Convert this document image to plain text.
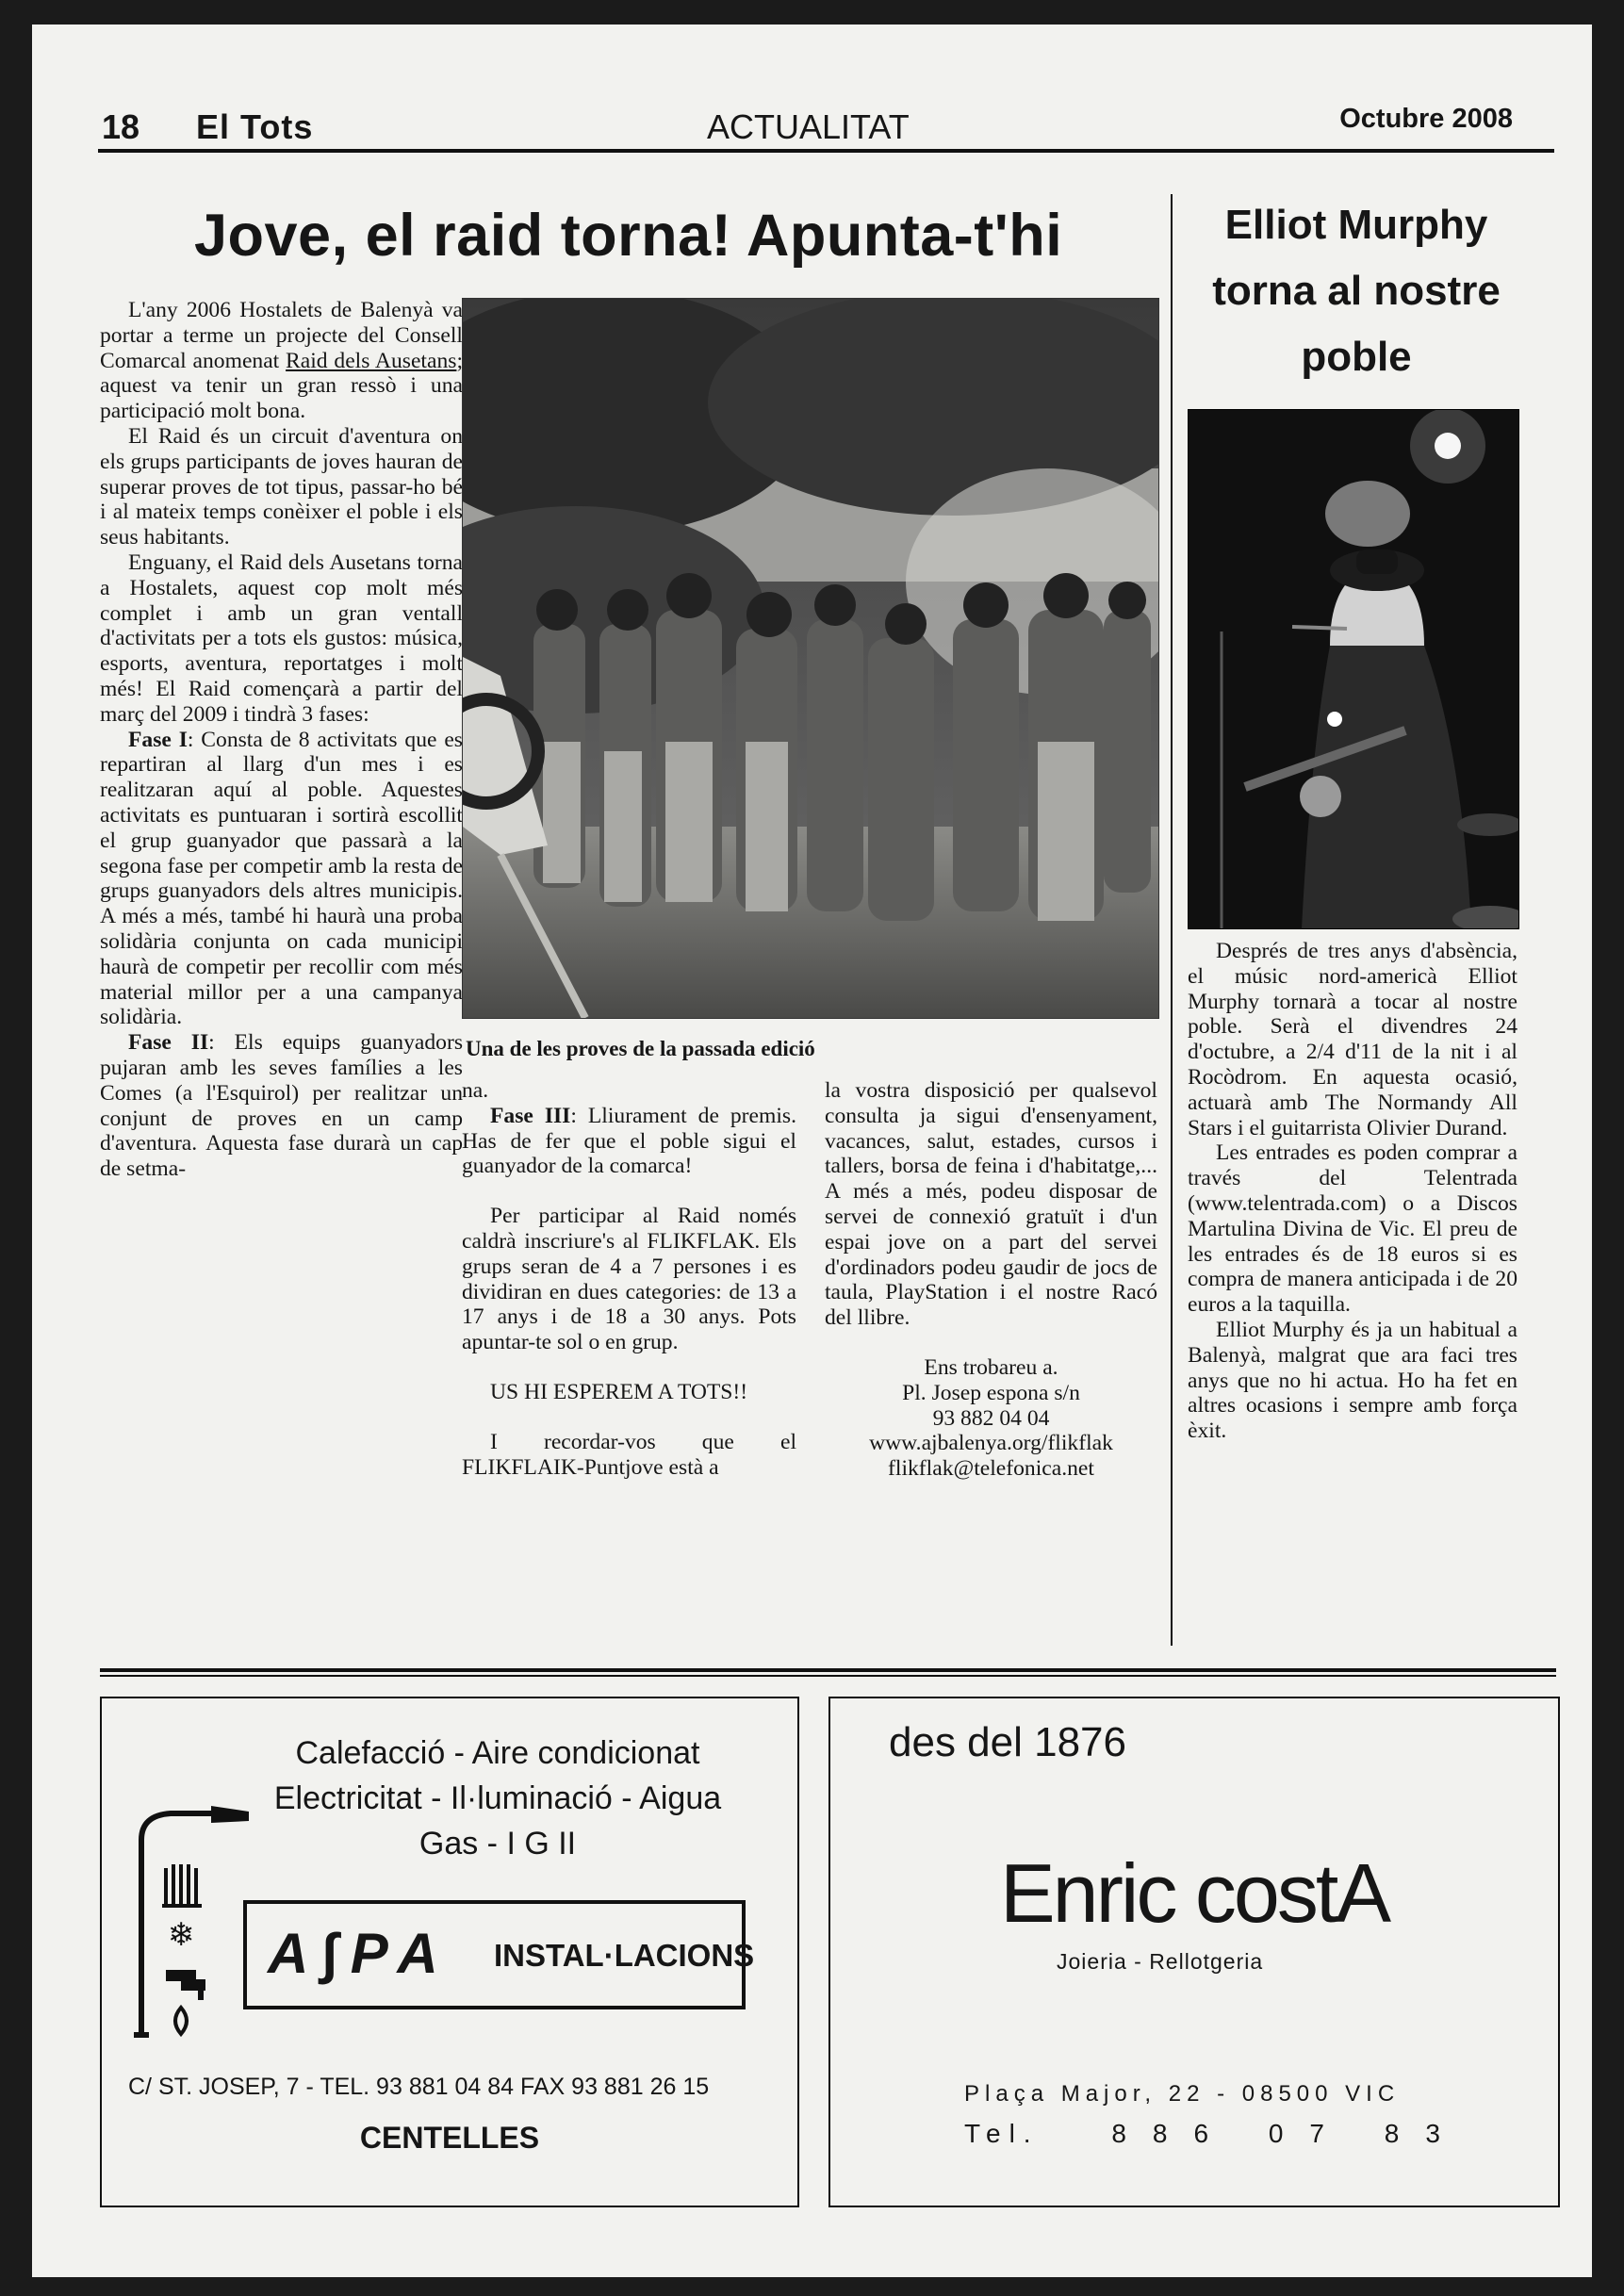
18 El Tots	ACTUALITAT	Octubre 2008
Jove, el raid torna! Apunta-t'hi

L'any 2006 Hostalets de Balenyà va portar a terme un projecte del Consell Comarcal anomenat Raid dels Ausetans; aquest va tenir un gran ressò i una participació molt bona.

El Raid és un circuit d'aventura on els grups participants de joves hauran de superar proves de tot tipus, passar-ho bé i al mateix temps conèixer el poble i els seus habitants.

Enguany, el Raid dels Ausetans torna a Hostalets, aquest cop molt més complet i amb un gran ventall d'activitats per a tots els gustos: música, esports, aventura, reportatges i molt més! El Raid començarà a partir del març del 2009 i tindrà 3 fases:

Fase I: Consta de 8 activitats que es repartiran al llarg d'un mes i es realitzaran aquí al poble. Aquestes activitats es puntuaran i sortirà escollit el grup guanyador que passarà a la segona fase per competir amb la resta de grups guanyadors dels altres municipis. A més a més, també hi haurà una proba solidària conjunta on cada municipi haurà de competir per recollir com més material millor per a una campanya solidària.

Fase II: Els equips guanyadors pujaran amb les seves famílies a les Comes (a l'Esquirol) per realitzar un conjunt de proves en un camp d'aventura. Aquesta fase durarà un cap de setma-

Una de les proves de la passada edició

na.

Fase III: Lliurament de premis. Has de fer que el poble sigui el guanyador de la comarca!

Per participar al Raid només caldrà inscriure's al FLIKFLAK. Els grups seran de 4 a 7 persones i es dividiran en dues categories: de 13 a 17 anys i de 18 a 30 anys. Pots apuntar-te sol o en grup.

US HI ESPEREM A TOTS!!

I recordar-vos que el FLIKFLAIK-Puntjove està a

la vostra disposició per qualsevol consulta ja sigui d'ensenyament, vacances, salut, estades, cursos i tallers, borsa de feina i d'habitatge,... A més a més, podeu disposar de servei de connexió gratuït i d'un espai jove on a part del servei d'ordinadors podeu gaudir de jocs de taula, PlayStation i el nostre Racó del llibre.

Ens trobareu a.
Pl. Josep espona s/n
93 882 04 04
www.ajbalenya.org/flikflak
flikflak@telefonica.net
Elliot Murphy torna al nostre poble

Després de tres anys d'absència, el músic nord-americà Elliot Murphy tornarà a tocar al nostre poble. Serà el divendres 24 d'octubre, a 2/4 d'11 de la nit i al Rocòdrom. En aquesta ocasió, actuarà amb The Normandy All Stars i el guitarrista Olivier Durand.

Les entrades es poden comprar a través del Telentrada (www.telentrada.com) o a Discos Martulina Divina de Vic. El preu de les entrades és de 18 euros si es compra de manera anticipada i de 20 euros a la taquilla.

Elliot Murphy és ja un habitual a Balenyà, malgrat que ara faci tres anys que no hi actua. Ho ha fet en altres ocasions i sempre amb força èxit.

Calefacció - Aire condicionat
Electricitat - Il·luminació - Aigua
Gas - I G II
❄ A∫PA INSTAL·LACIONS
C/ ST. JOSEP, 7 - TEL. 93 881 04 84 FAX 93 881 26 15
CENTELLES
des del 1876
Enric costA
Joieria - Rellotgeria
Plaça Major, 22 - 08500 VIC
Tel.	886 07 83
